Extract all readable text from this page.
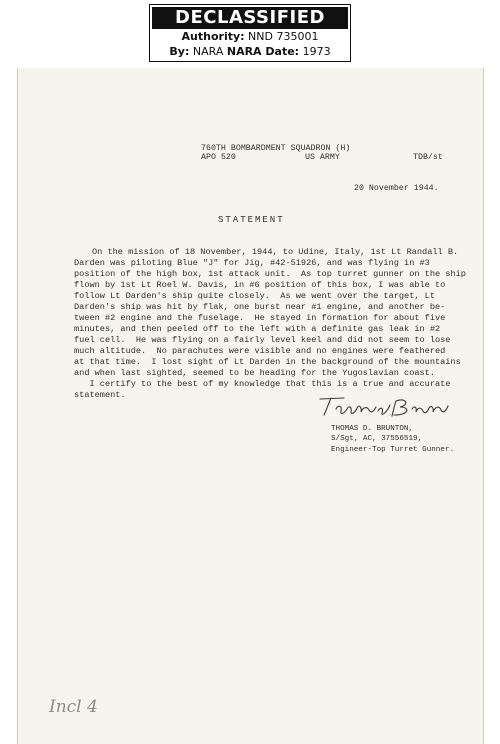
DECLASSIFIED
Authority: NND 735001
By: NARA NARA Date: 1973
760TH BOMBARDMENT SQUADRON (H)
APO 520	US ARMY	TDB/st
20 November 1944.
STATEMENT
On the mission of 18 November, 1944, to Udine, Italy, 1st Lt Randall B.
Darden was piloting Blue "J" for Jig, #42-51926, and was flying in #3
position of the high box, 1st attack unit.  As top turret gunner on the ship
flown by 1st Lt Roel W. Davis, in #6 position of this box, I was able to
follow Lt Darden's ship quite closely.  As we went over the target, Lt
Darden's ship was hit by flak, one burst near #1 engine, and another be-
tween #2 engine and the fuselage.  He stayed in formation for about five
minutes, and then peeled off to the left with a definite gas leak in #2
fuel cell.  He was flying on a fairly level keel and did not seem to lose
much altitude.  No parachutes were visible and no engines were feathered
at that time.  I lost sight of Lt Darden in the background of the mountains
and when last sighted, seemed to be heading for the Yugoslavian coast.
I certify to the best of my knowledge that this is a true and accurate
statement.
THOMAS D. BRUNTON,
S/Sgt, AC, 37556519,
Engineer-Top Turret Gunner.
Incl 4
